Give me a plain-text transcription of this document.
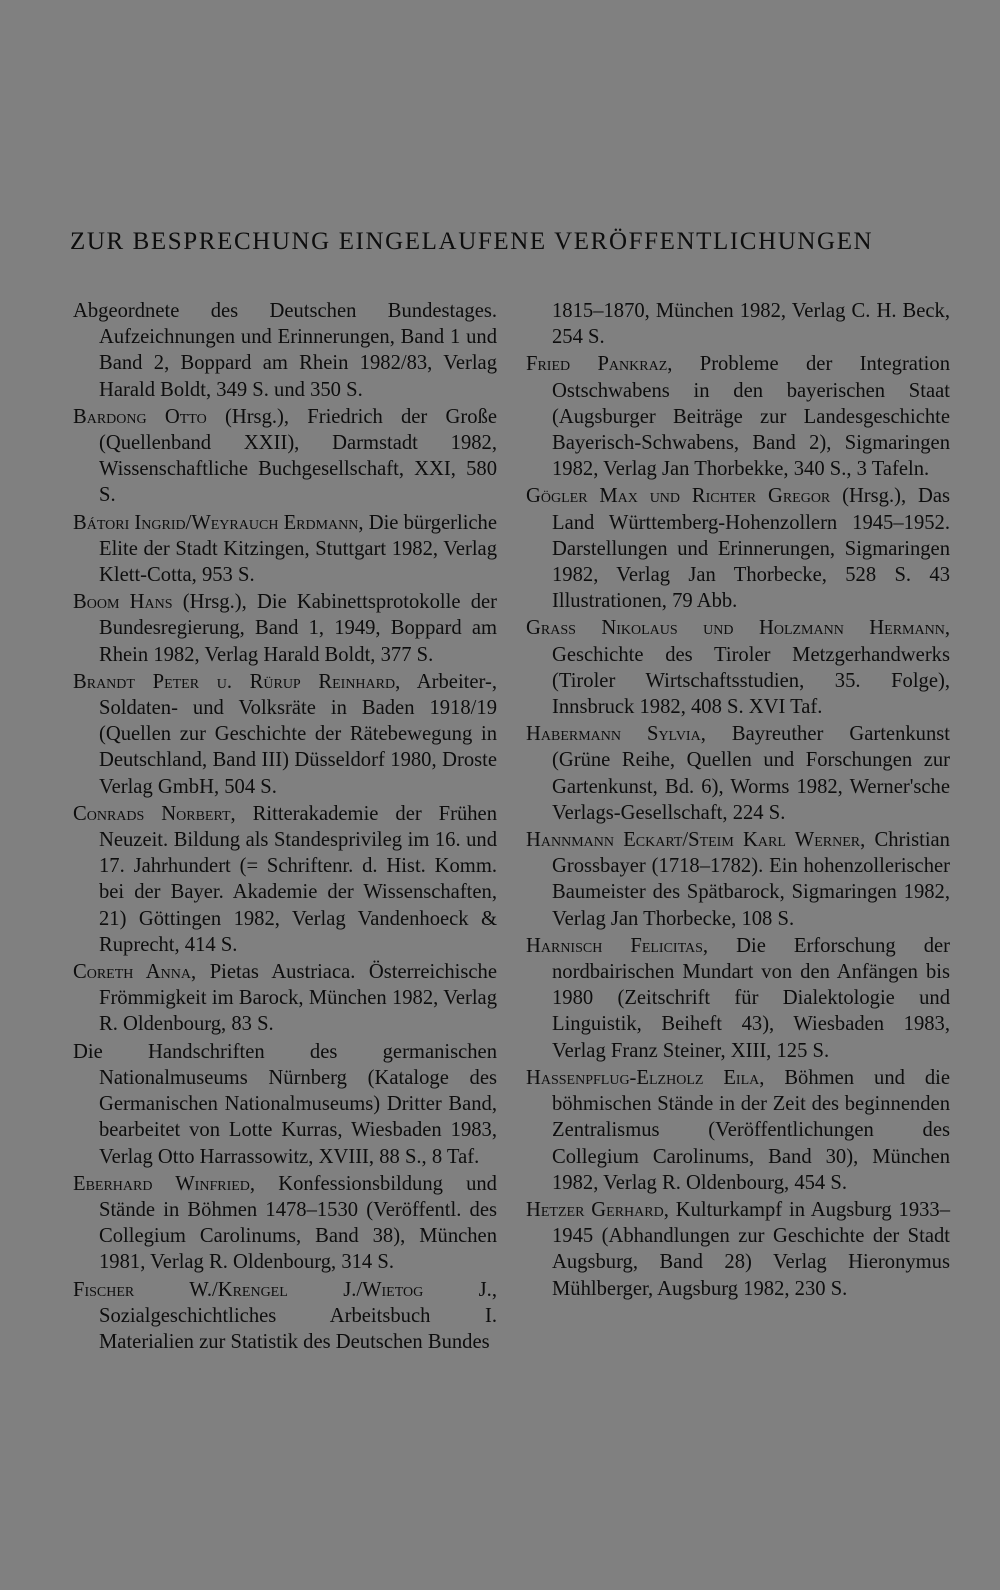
ZUR BESPRECHUNG EINGELAUFENE VERÖFFENTLICHUNGEN

Abgeordnete des Deutschen Bundestages. Aufzeichnungen und Erinnerungen, Band 1 und Band 2, Boppard am Rhein 1982/83, Verlag Harald Boldt, 349 S. und 350 S.

Bardong Otto (Hrsg.), Friedrich der Große (Quellenband XXII), Darmstadt 1982, Wissenschaftliche Buchgesellschaft, XXI, 580 S.

Bátori Ingrid/Weyrauch Erdmann, Die bürgerliche Elite der Stadt Kitzingen, Stuttgart 1982, Verlag Klett-Cotta, 953 S.

Boom Hans (Hrsg.), Die Kabinettsprotokolle der Bundesregierung, Band 1, 1949, Boppard am Rhein 1982, Verlag Harald Boldt, 377 S.

Brandt Peter u. Rürup Reinhard, Arbeiter-, Soldaten- und Volksräte in Baden 1918/19 (Quellen zur Geschichte der Rätebewegung in Deutschland, Band III) Düsseldorf 1980, Droste Verlag GmbH, 504 S.

Conrads Norbert, Ritterakademie der Frühen Neuzeit. Bildung als Standesprivileg im 16. und 17. Jahrhundert (= Schriftenr. d. Hist. Komm. bei der Bayer. Akademie der Wissenschaften, 21) Göttingen 1982, Verlag Vandenhoeck & Ruprecht, 414 S.

Coreth Anna, Pietas Austriaca. Österreichische Frömmigkeit im Barock, München 1982, Verlag R. Oldenbourg, 83 S.

Die Handschriften des germanischen Nationalmuseums Nürnberg (Kataloge des Germanischen Nationalmuseums) Dritter Band, bearbeitet von Lotte Kurras, Wiesbaden 1983, Verlag Otto Harrassowitz, XVIII, 88 S., 8 Taf.

Eberhard Winfried, Konfessionsbildung und Stände in Böhmen 1478–1530 (Veröffentl. des Collegium Carolinums, Band 38), München 1981, Verlag R. Oldenbourg, 314 S.

Fischer W./Krengel J./Wietog J., Sozialgeschichtliches Arbeitsbuch I. Materialien zur Statistik des Deutschen Bundes

1815–1870, München 1982, Verlag C. H. Beck, 254 S.

Fried Pankraz, Probleme der Integration Ostschwabens in den bayerischen Staat (Augsburger Beiträge zur Landesgeschichte Bayerisch-Schwabens, Band 2), Sigmaringen 1982, Verlag Jan Thorbekke, 340 S., 3 Tafeln.

Gögler Max und Richter Gregor (Hrsg.), Das Land Württemberg-Hohenzollern 1945–1952. Darstellungen und Erinnerungen, Sigmaringen 1982, Verlag Jan Thorbecke, 528 S. 43 Illustrationen, 79 Abb.

Grass Nikolaus und Holzmann Hermann, Geschichte des Tiroler Metzgerhandwerks (Tiroler Wirtschaftsstudien, 35. Folge), Innsbruck 1982, 408 S. XVI Taf.

Habermann Sylvia, Bayreuther Gartenkunst (Grüne Reihe, Quellen und Forschungen zur Gartenkunst, Bd. 6), Worms 1982, Werner'sche Verlags-Gesellschaft, 224 S.

Hannmann Eckart/Steim Karl Werner, Christian Grossbayer (1718–1782). Ein hohenzollerischer Baumeister des Spätbarock, Sigmaringen 1982, Verlag Jan Thorbecke, 108 S.

Harnisch Felicitas, Die Erforschung der nordbairischen Mundart von den Anfängen bis 1980 (Zeitschrift für Dialektologie und Linguistik, Beiheft 43), Wiesbaden 1983, Verlag Franz Steiner, XIII, 125 S.

Hassenpflug-Elzholz Eila, Böhmen und die böhmischen Stände in der Zeit des beginnenden Zentralismus (Veröffentlichungen des Collegium Carolinums, Band 30), München 1982, Verlag R. Oldenbourg, 454 S.

Hetzer Gerhard, Kulturkampf in Augsburg 1933–1945 (Abhandlungen zur Geschichte der Stadt Augsburg, Band 28) Verlag Hieronymus Mühlberger, Augsburg 1982, 230 S.
